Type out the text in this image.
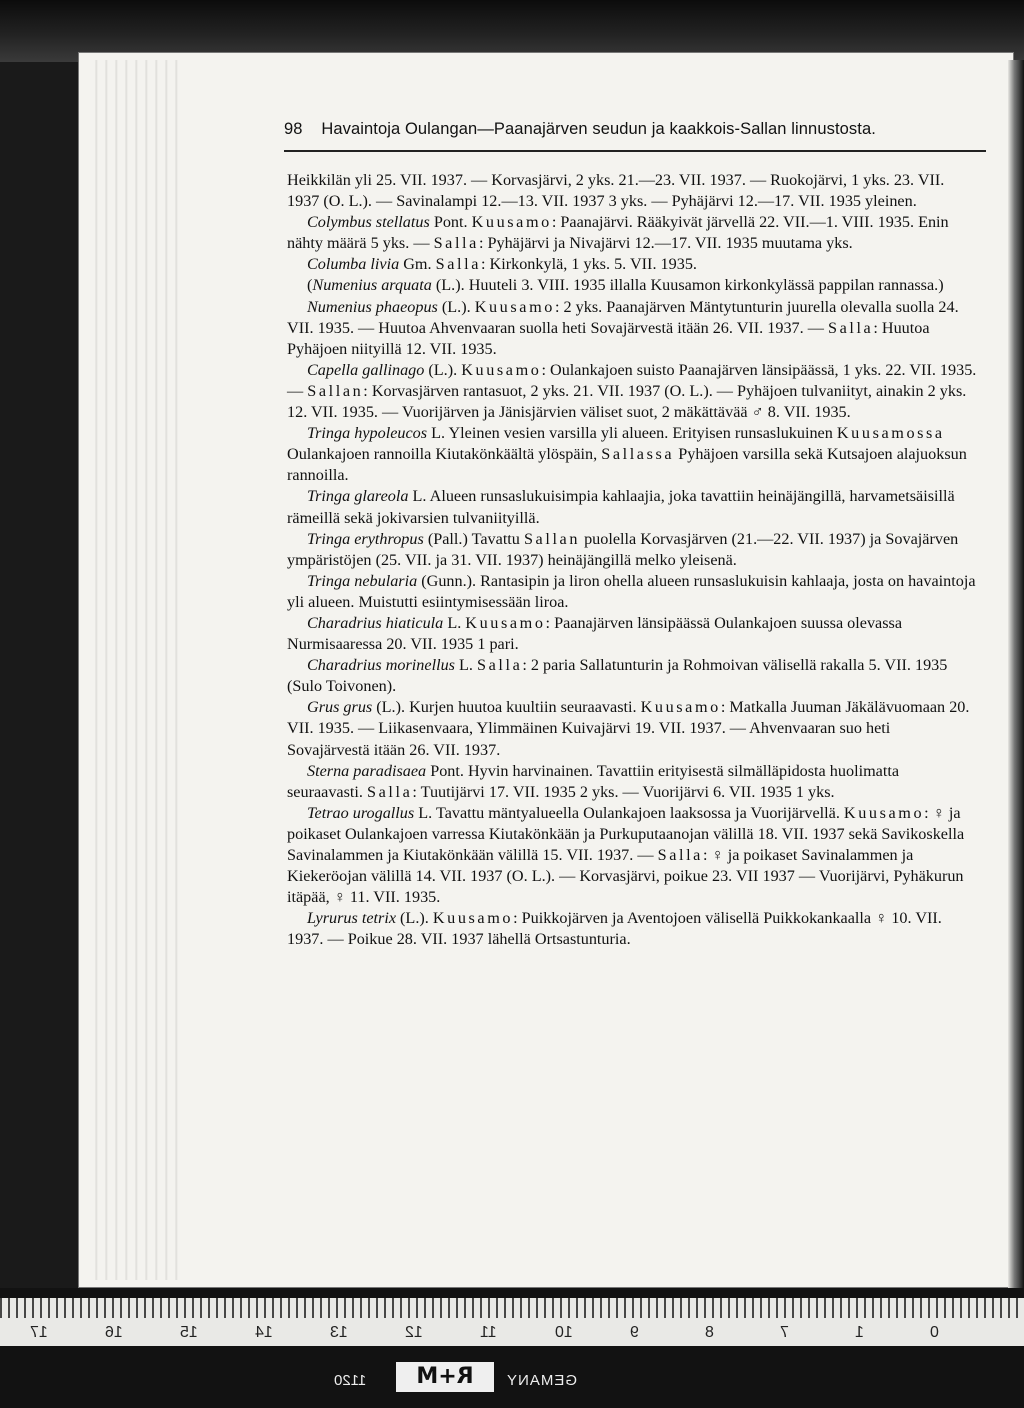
98 Havaintoja Oulangan—Paanajärven seudun ja kaakkois-Sallan linnustosta.

Heikkilän yli 25. VII. 1937. — Korvasjärvi, 2 yks. 21.—23. VII. 1937. — Ruokojärvi, 1 yks. 23. VII. 1937 (O. L.). — Savinalampi 12.—13. VII. 1937 3 yks. — Pyhäjärvi 12.—17. VII. 1935 yleinen.

Colymbus stellatus Pont. Kuusamo: Paanajärvi. Rääkyivät järvellä 22. VII.—1. VIII. 1935. Enin nähty määrä 5 yks. — Salla: Pyhäjärvi ja Nivajärvi 12.—17. VII. 1935 muutama yks.

Columba livia Gm. Salla: Kirkonkylä, 1 yks. 5. VII. 1935.

(Numenius arquata (L.). Huuteli 3. VIII. 1935 illalla Kuusamon kirkonkylässä pappilan rannassa.)

Numenius phaeopus (L.). Kuusamo: 2 yks. Paanajärven Mäntytunturin juurella olevalla suolla 24. VII. 1935. — Huutoa Ahvenvaaran suolla heti Sovajärvestä itään 26. VII. 1937. — Salla: Huutoa Pyhäjoen niityillä 12. VII. 1935.

Capella gallinago (L.). Kuusamo: Oulankajoen suisto Paanajärven länsipäässä, 1 yks. 22. VII. 1935. — Sallan: Korvasjärven rantasuot, 2 yks. 21. VII. 1937 (O. L.). — Pyhäjoen tulvaniityt, ainakin 2 yks. 12. VII. 1935. — Vuorijärven ja Jänisjärvien väliset suot, 2 mäkättävää ♂ 8. VII. 1935.

Tringa hypoleucos L. Yleinen vesien varsilla yli alueen. Erityisen runsaslukuinen Kuusamossa Oulankajoen rannoilla Kiutakönkäältä ylöspäin, Sallassa Pyhäjoen varsilla sekä Kutsajoen alajuoksun rannoilla.

Tringa glareola L. Alueen runsaslukuisimpia kahlaajia, joka tavattiin heinäjängillä, harvametsäisillä rämeillä sekä jokivarsien tulvaniityillä.

Tringa erythropus (Pall.) Tavattu Sallan puolella Korvasjärven (21.—22. VII. 1937) ja Sovajärven ympäristöjen (25. VII. ja 31. VII. 1937) heinäjängillä melko yleisenä.

Tringa nebularia (Gunn.). Rantasipin ja liron ohella alueen runsaslukuisin kahlaaja, josta on havaintoja yli alueen. Muistutti esiintymisessään liroa.

Charadrius hiaticula L. Kuusamo: Paanajärven länsipäässä Oulankajoen suussa olevassa Nurmisaaressa 20. VII. 1935 1 pari.

Charadrius morinellus L. Salla: 2 paria Sallatunturin ja Rohmoivan välisellä rakalla 5. VII. 1935 (Sulo Toivonen).

Grus grus (L.). Kurjen huutoa kuultiin seuraavasti. Kuusamo: Matkalla Juuman Jäkälävuomaan 20. VII. 1935. — Liikasenvaara, Ylimmäinen Kuivajärvi 19. VII. 1937. — Ahvenvaaran suo heti Sovajärvestä itään 26. VII. 1937.

Sterna paradisaea Pont. Hyvin harvinainen. Tavattiin erityisestä silmälläpidosta huolimatta seuraavasti. Salla: Tuutijärvi 17. VII. 1935 2 yks. — Vuorijärvi 6. VII. 1935 1 yks.

Tetrao urogallus L. Tavattu mäntyalueella Oulankajoen laaksossa ja Vuorijärvellä. Kuusamo: ♀ ja poikaset Oulankajoen varressa Kiutakönkään ja Purkuputaanojan välillä 18. VII. 1937 sekä Savikoskella Savinalammen ja Kiutakönkään välillä 15. VII. 1937. — Salla: ♀ ja poikaset Savinalammen ja Kiekeröojan välillä 14. VII. 1937 (O. L.). — Korvasjärvi, poikue 23. VII 1937 — Vuorijärvi, Pyhäkurun itäpää, ♀ 11. VII. 1935.

Lyrurus tetrix (L.). Kuusamo: Puikkojärven ja Aventojoen välisellä Puikkokankaalla ♀ 10. VII. 1937. — Poikue 28. VII. 1937 lähellä Ortsastunturia.

17	16	15	14	13	12	11	10	9	8	7	1	0
1120	R+M	GEMANY
